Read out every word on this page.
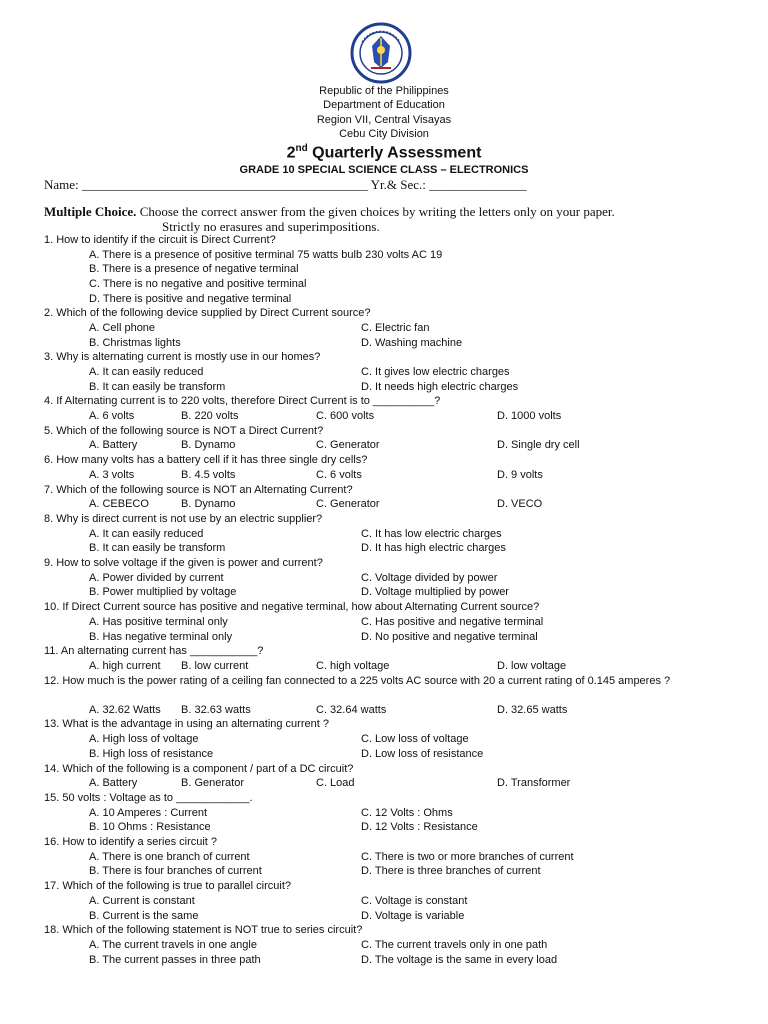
Republic of the Philippines
Department of Education
Region VII, Central Visayas
Cebu City Division
2nd Quarterly Assessment
GRADE 10 SPECIAL SCIENCE CLASS – ELECTRONICS
Name: ____________________________________________ Yr.& Sec.: _______________
Multiple Choice. Choose the correct answer from the given choices by writing the letters only on your paper.
Strictly no erasures and superimpositions.
1. How to identify if the circuit is Direct Current?
A. There is a presence of positive terminal 75 watts bulb 230 volts AC 19
B. There is a presence of negative terminal
C. There is no negative and positive terminal
D. There is positive and negative terminal
2. Which of the following device supplied by Direct Current source?
A. Cell phone	C. Electric fan
B. Christmas lights	D. Washing machine
3. Why is alternating current is mostly use in our homes?
A. It can easily reduced	C. It gives low electric charges
B. It can easily be transform	D. It needs high electric charges
4. If Alternating current is to 220 volts, therefore Direct Current is to __________?
A. 6 volts	B. 220 volts	C. 600 volts	D. 1000 volts
5. Which of the following source is NOT a Direct Current?
A. Battery	B. Dynamo	C. Generator	D. Single dry cell
6. How many volts has a battery cell if it has three single dry cells?
A. 3 volts	B. 4.5 volts	C. 6 volts	D. 9 volts
7. Which of the following source is NOT an Alternating Current?
A. CEBECO	B. Dynamo	C. Generator	D. VECO
8. Why is direct current is not use by an electric supplier?
A. It can easily reduced	C. It has low electric charges
B. It can easily be transform	D. It has high electric charges
9. How to solve voltage if the given is power and current?
A. Power divided by current	C. Voltage divided by power
B. Power multiplied by voltage	D. Voltage multiplied by power
10. If Direct Current source has positive and negative terminal, how about Alternating Current source?
A. Has positive terminal only	C. Has positive and negative terminal
B. Has negative terminal only	D. No positive and negative terminal
11. An alternating current has ___________?
A. high current B. low current	C. high voltage	D. low voltage
12. How much is the power rating of a ceiling fan connected to a 225 volts AC source with 20 a current rating of 0.145 amperes ?
A. 32.62 Watts B. 32.63 watts	C. 32.64 watts	D. 32.65 watts
13. What is the advantage in using an alternating current ?
A. High loss of voltage	C. Low loss of voltage
B. High loss of resistance	D. Low loss of resistance
14. Which of the following is a component / part of a DC circuit?
A. Battery	B. Generator	C. Load	D. Transformer
15. 50 volts : Voltage as to ____________.
A. 10 Amperes : Current	C. 12 Volts : Ohms
B. 10 Ohms : Resistance	D. 12 Volts : Resistance
16. How to identify a series circuit ?
A. There is one branch of current	C. There is two or more branches of current
B. There is four branches of current	D. There is three branches of current
17. Which of the following is true to parallel circuit?
A. Current is constant	C. Voltage is constant
B. Current is the same	D. Voltage is variable
18. Which of the following statement is NOT true to series circuit?
A. The current travels in one angle	C. The current travels only in one path
B. The current passes in three path	D. The voltage is the same in every load
